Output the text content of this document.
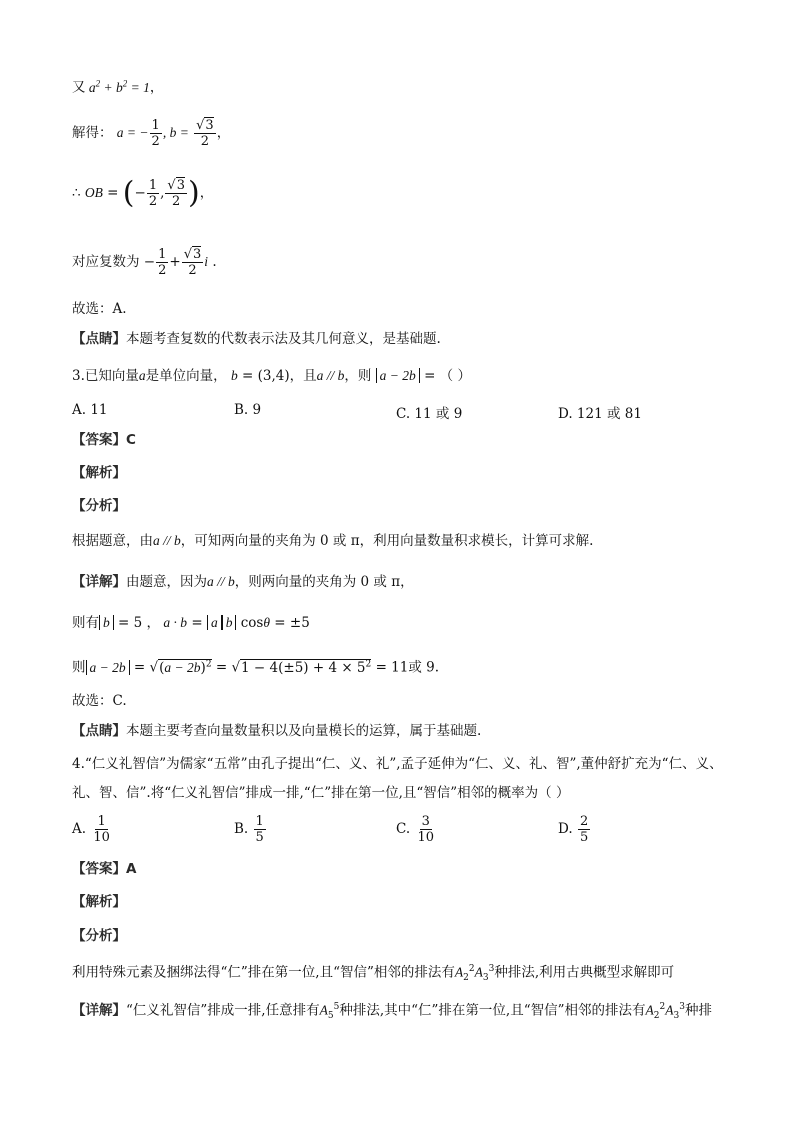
又 $a^2 + b^2 = 1$，
解得： a = − $\frac{1}{2}$ , $b = \frac{√3}{2}$ ，
∴ OB = (− $\frac{1}{2}$ , $\frac{√3}{2}$ )，
对应复数为 − $\frac{1}{2} + \frac{√3}{2}$ i .
故选：A.
【点睛】本题考查复数的代数表示法及其几何意义，是基础题.
3.已知向量a是单位向量， b = (3,4)，且a // b，则 a − 2b = （ ）
A. 11	B. 9	C. 11 或 9	D. 121 或 81
【答案】C
【解析】
【分析】
根据题意，由a // b，可知两向量的夹角为 0 或 π，利用向量数量积求模长，计算可求解.
【详解】由题意，因为a // b，则两向量的夹角为 0 或 π，
则有 b = 5 ， a · b = a b cosθ = ±5
则 $a - 2b = √(a - 2b)^2 = √1 - 4(\pm 5) + 4 \times 5^2 = 11$或 9.
故选：C.
【点睛】本题主要考查向量数量积以及向量模长的运算，属于基础题.
4.“仁义礼智信”为儒家“五常”由孔子提出“仁、义、礼”,孟子延伸为“仁、义、礼、智”,董仲舒扩充为“仁、义、
礼、智、信”.将“仁义礼智信”排成一排,“仁”排在第一位,且“智信”相邻的概率为（ ）
A. $\frac{1}{10}$	B. $\frac{1}{5}$	C. $\frac{3}{10}$	D. $\frac{2}{5}$
【答案】A
【解析】
【分析】
利用特殊元素及捆绑法得“仁”排在第一位,且“智信”相邻的排法有$A_2^2A_3^3$种排法,利用古典概型求解即可
【详解】“仁义礼智信”排成一排,任意排有$A_5^5$种排法,其中“仁”排在第一位,且“智信”相邻的排法有$A_2^2A_3^3$种排
